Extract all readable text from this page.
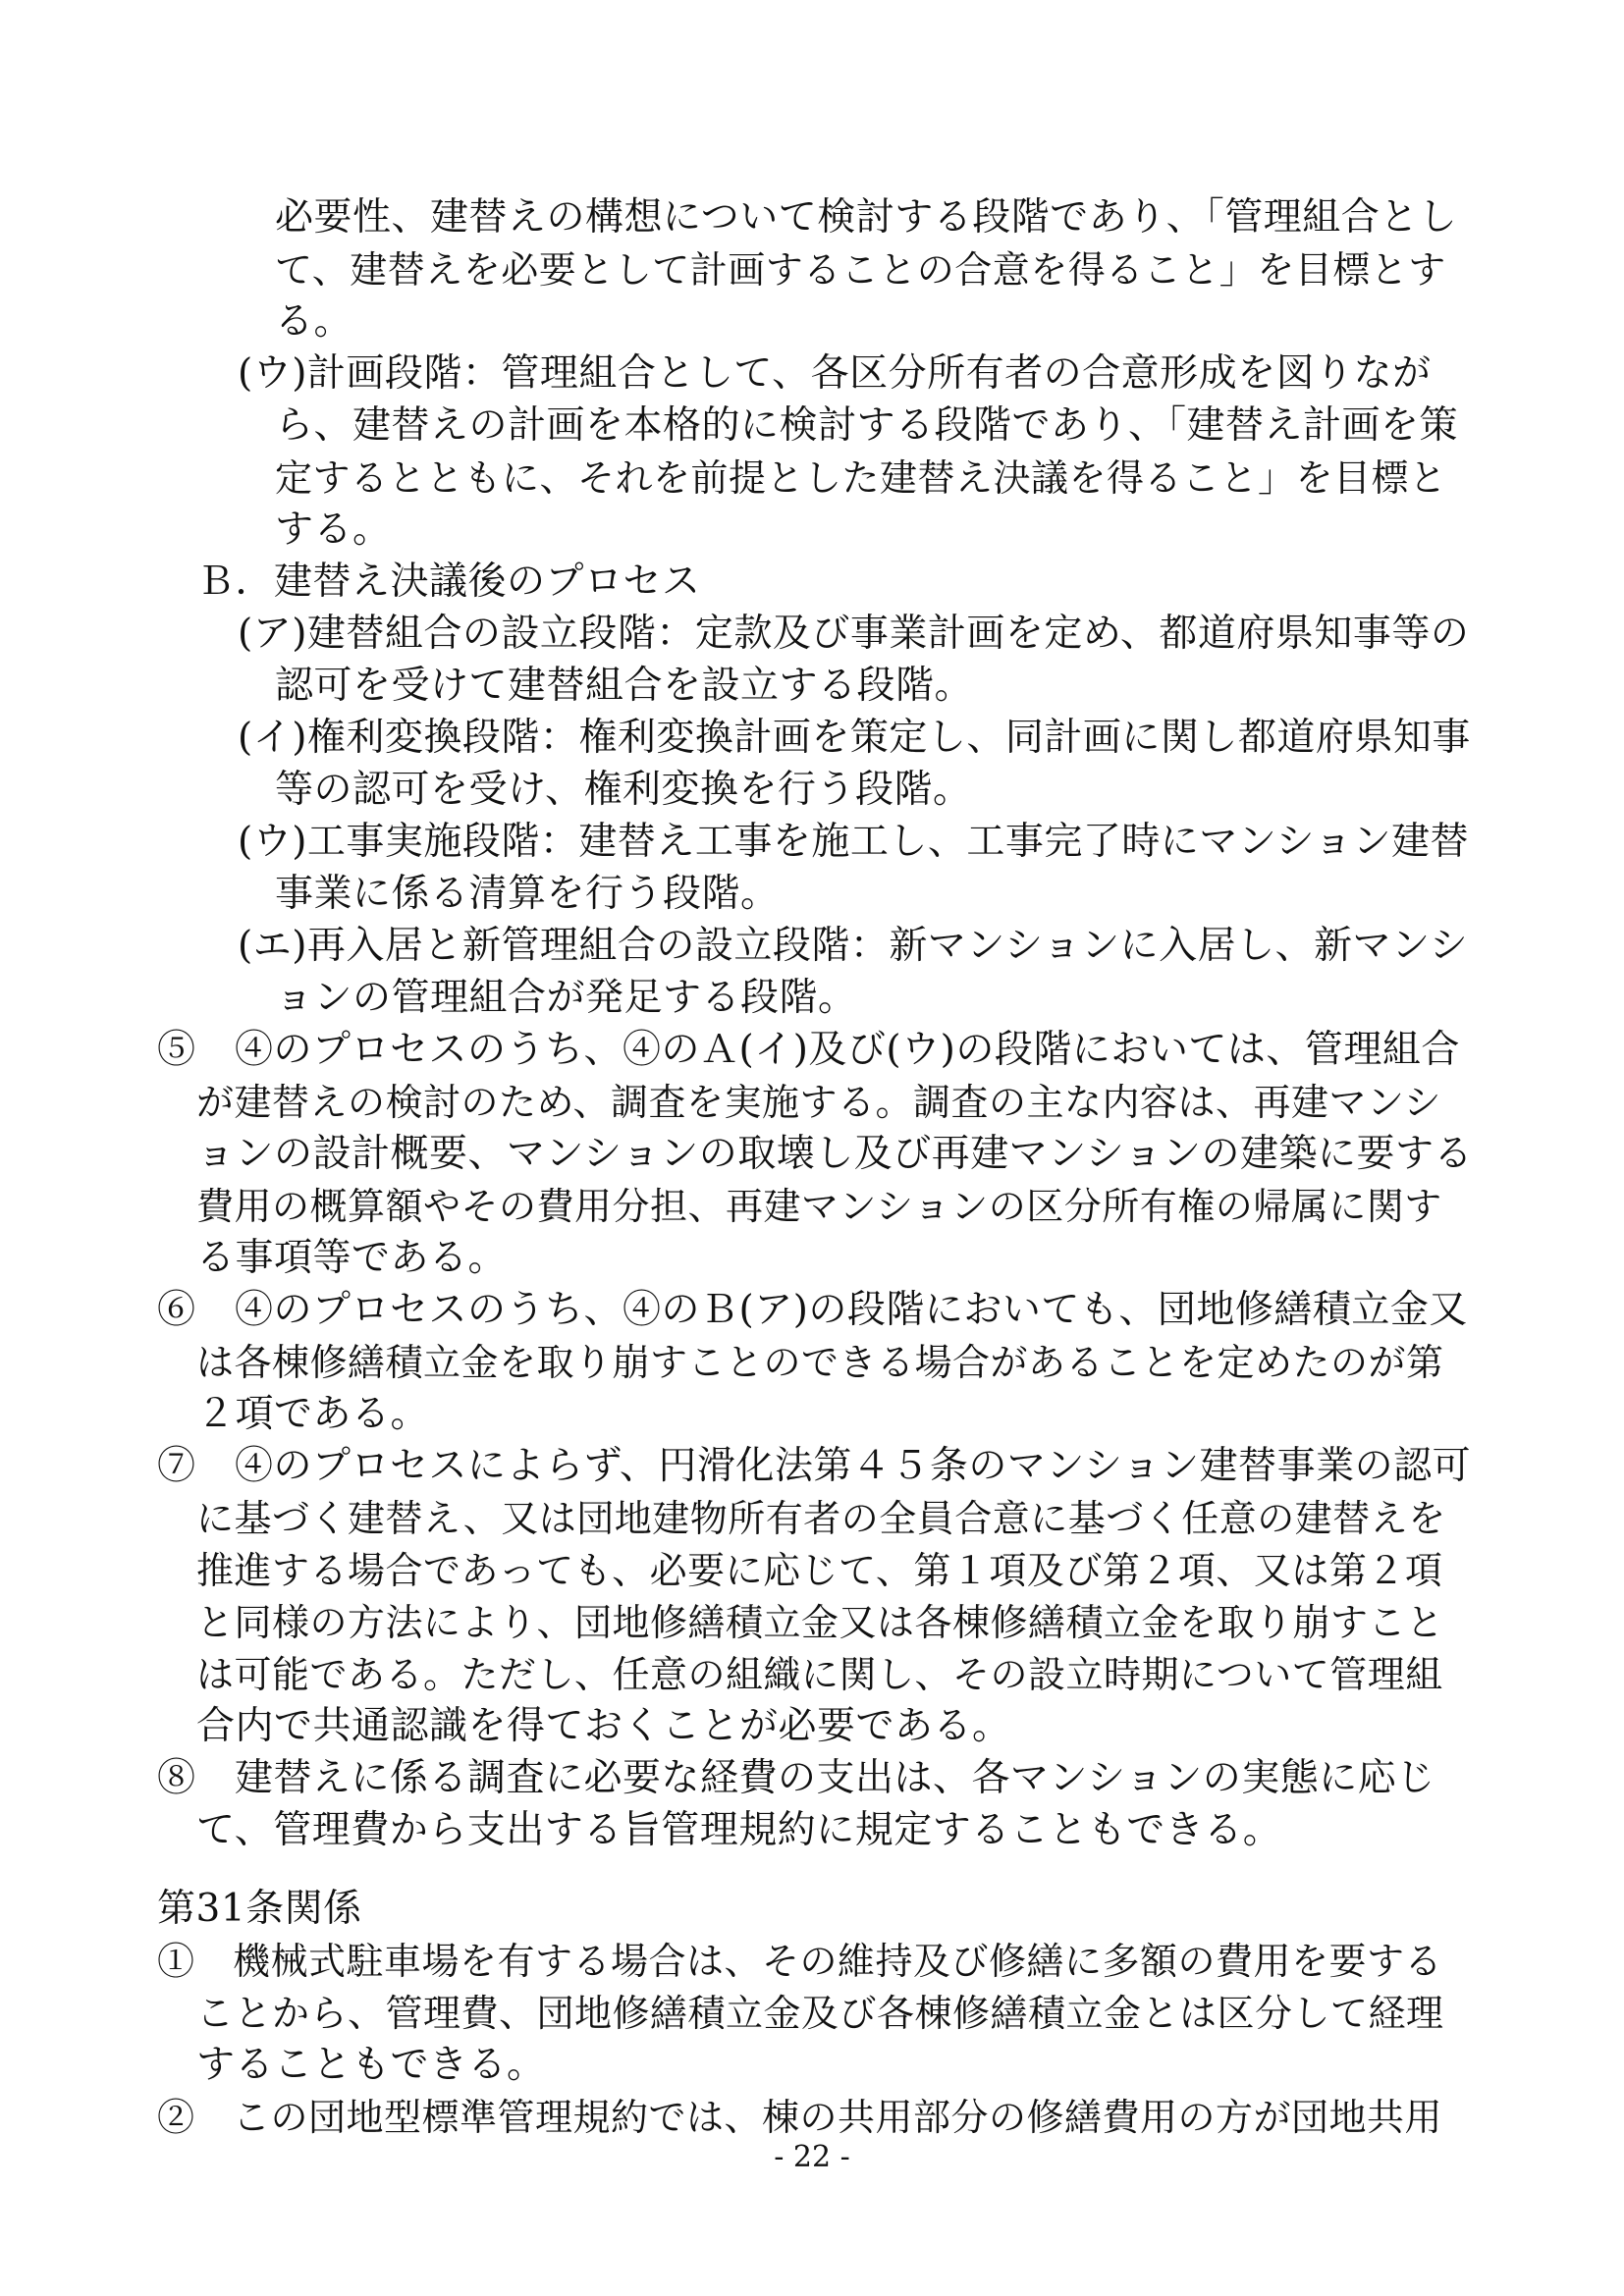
必要性、建替えの構想について検討する段階であり、「管理組合とし
て、建替えを必要として計画することの合意を得ること」を目標とす
る。
(ウ)計画段階：管理組合として、各区分所有者の合意形成を図りなが
ら、建替えの計画を本格的に検討する段階であり、「建替え計画を策
定するとともに、それを前提とした建替え決議を得ること」を目標と
する。
Ｂ．建替え決議後のプロセス
(ア)建替組合の設立段階：定款及び事業計画を定め、都道府県知事等の
認可を受けて建替組合を設立する段階。
(イ)権利変換段階：権利変換計画を策定し、同計画に関し都道府県知事
等の認可を受け、権利変換を行う段階。
(ウ)工事実施段階：建替え工事を施工し、工事完了時にマンション建替
事業に係る清算を行う段階。
(エ)再入居と新管理組合の設立段階：新マンションに入居し、新マンシ
ョンの管理組合が発足する段階。
⑤　④のプロセスのうち、④のＡ(イ)及び(ウ)の段階においては、管理組合
が建替えの検討のため、調査を実施する。調査の主な内容は、再建マンシ
ョンの設計概要、マンションの取壊し及び再建マンションの建築に要する
費用の概算額やその費用分担、再建マンションの区分所有権の帰属に関す
る事項等である。
⑥　④のプロセスのうち、④のＢ(ア)の段階においても、団地修繕積立金又
は各棟修繕積立金を取り崩すことのできる場合があることを定めたのが第
２項である。
⑦　④のプロセスによらず、円滑化法第４５条のマンション建替事業の認可
に基づく建替え、又は団地建物所有者の全員合意に基づく任意の建替えを
推進する場合であっても、必要に応じて、第１項及び第２項、又は第２項
と同様の方法により、団地修繕積立金又は各棟修繕積立金を取り崩すこと
は可能である。ただし、任意の組織に関し、その設立時期について管理組
合内で共通認識を得ておくことが必要である。
⑧　建替えに係る調査に必要な経費の支出は、各マンションの実態に応じ
て、管理費から支出する旨管理規約に規定することもできる。
第31条関係
①　機械式駐車場を有する場合は、その維持及び修繕に多額の費用を要する
ことから、管理費、団地修繕積立金及び各棟修繕積立金とは区分して経理
することもできる。
②　この団地型標準管理規約では、棟の共用部分の修繕費用の方が団地共用
- 22 -
